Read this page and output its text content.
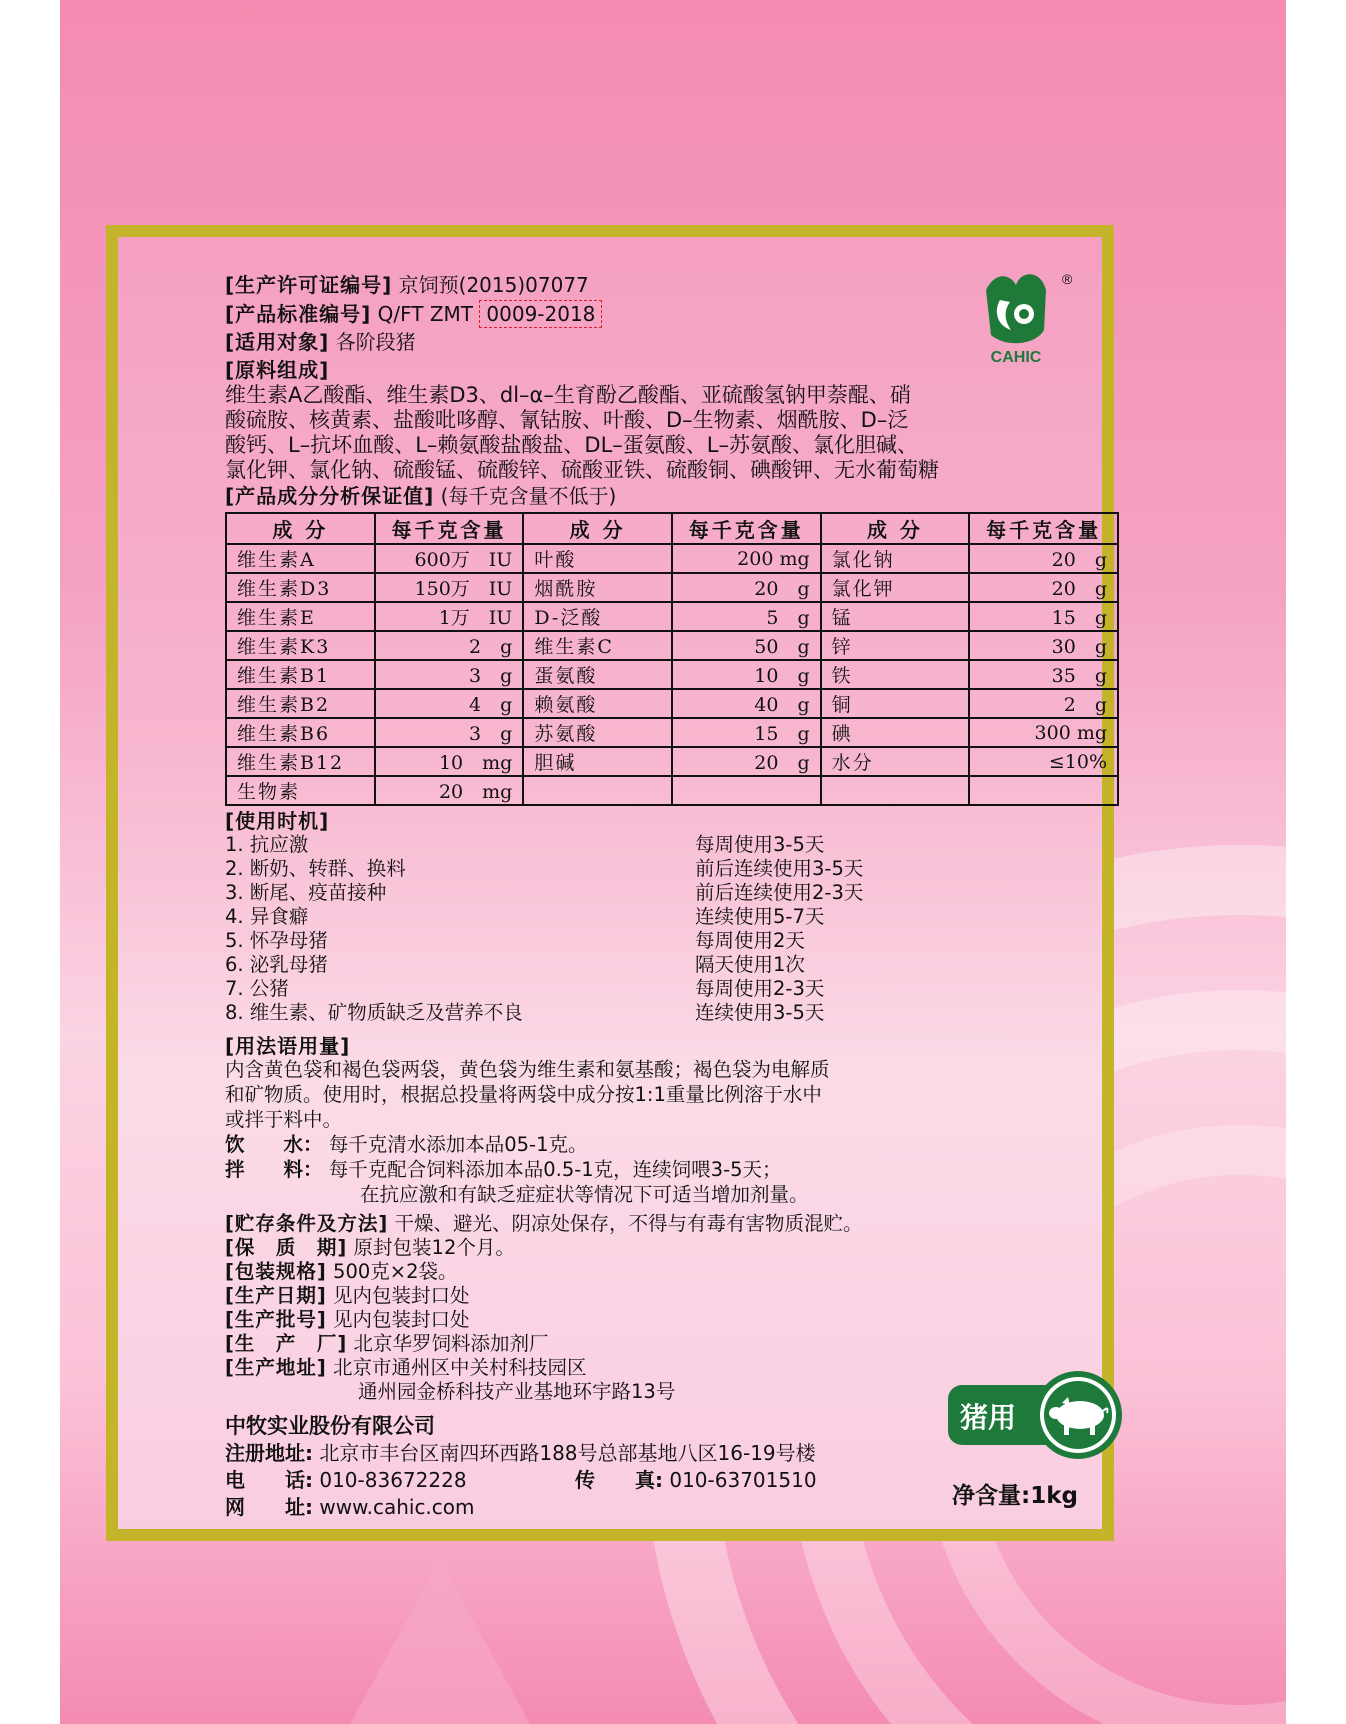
[生产许可证编号] 京饲预(2015)07077
[产品标准编号] Q/FT ZMT 0009-2018
[适用对象] 各阶段猪
[原料组成]
维生素A乙酸酯、维生素D3、dl–α–生育酚乙酸酯、亚硫酸氢钠甲萘醌、硝
酸硫胺、核黄素、盐酸吡哆醇、氰钴胺、叶酸、D–生物素、烟酰胺、D–泛
酸钙、L–抗坏血酸、L–赖氨酸盐酸盐、DL–蛋氨酸、L–苏氨酸、氯化胆碱、
氯化钾、氯化钠、硫酸锰、硫酸锌、硫酸亚铁、硫酸铜、碘酸钾、无水葡萄糖
[产品成分分析保证值] (每千克含量不低于)
CAHIC
®
成 分	每千克含量	成 分	每千克含量	成 分	每千克含量
维生素A	600万　IU	叶酸	200 mg	氯化钠	20　g
维生素D3	150万　IU	烟酰胺	20　g	氯化钾	20　g
维生素E	1万　IU	D-泛酸	5　g	锰	15　g
维生素K3	2　g	维生素C	50　g	锌	30　g
维生素B1	3　g	蛋氨酸	10　g	铁	35　g
维生素B2	4　g	赖氨酸	40　g	铜	2　g
维生素B6	3　g	苏氨酸	15　g	碘	300 mg
维生素B12	10　mg	胆碱	20　g	水分	≤10%
生物素	20　mg				
[使用时机]
1. 抗应激	每周使用3-5天
2. 断奶、转群、换料	前后连续使用3-5天
3. 断尾、疫苗接种	前后连续使用2-3天
4. 异食癖	连续使用5-7天
5. 怀孕母猪	每周使用2天
6. 泌乳母猪	隔天使用1次
7. 公猪	每周使用2-3天
8. 维生素、矿物质缺乏及营养不良	连续使用3-5天
[用法语用量]
内含黄色袋和褐色袋两袋，黄色袋为维生素和氨基酸；褐色袋为电解质
和矿物质。使用时，根据总投量将两袋中成分按1:1重量比例溶于水中
或拌于料中。
饮　　水： 每千克清水添加本品05-1克。
拌　　料： 每千克配合饲料添加本品0.5-1克，连续饲喂3-5天；
在抗应激和有缺乏症症状等情况下可适当增加剂量。
[贮存条件及方法] 干燥、避光、阴凉处保存，不得与有毒有害物质混贮。
[保　质　期] 原封包装12个月。
[包装规格] 500克×2袋。
[生产日期] 见内包装封口处
[生产批号] 见内包装封口处
[生　产　厂] 北京华罗饲料添加剂厂
[生产地址] 北京市通州区中关村科技园区
通州园金桥科技产业基地环宇路13号
中牧实业股份有限公司
注册地址: 北京市丰台区南四环西路188号总部基地八区16-19号楼
电　　话: 010-83672228	传　　真: 010-63701510
网　　址: www.cahic.com
猪用
净含量:1kg
